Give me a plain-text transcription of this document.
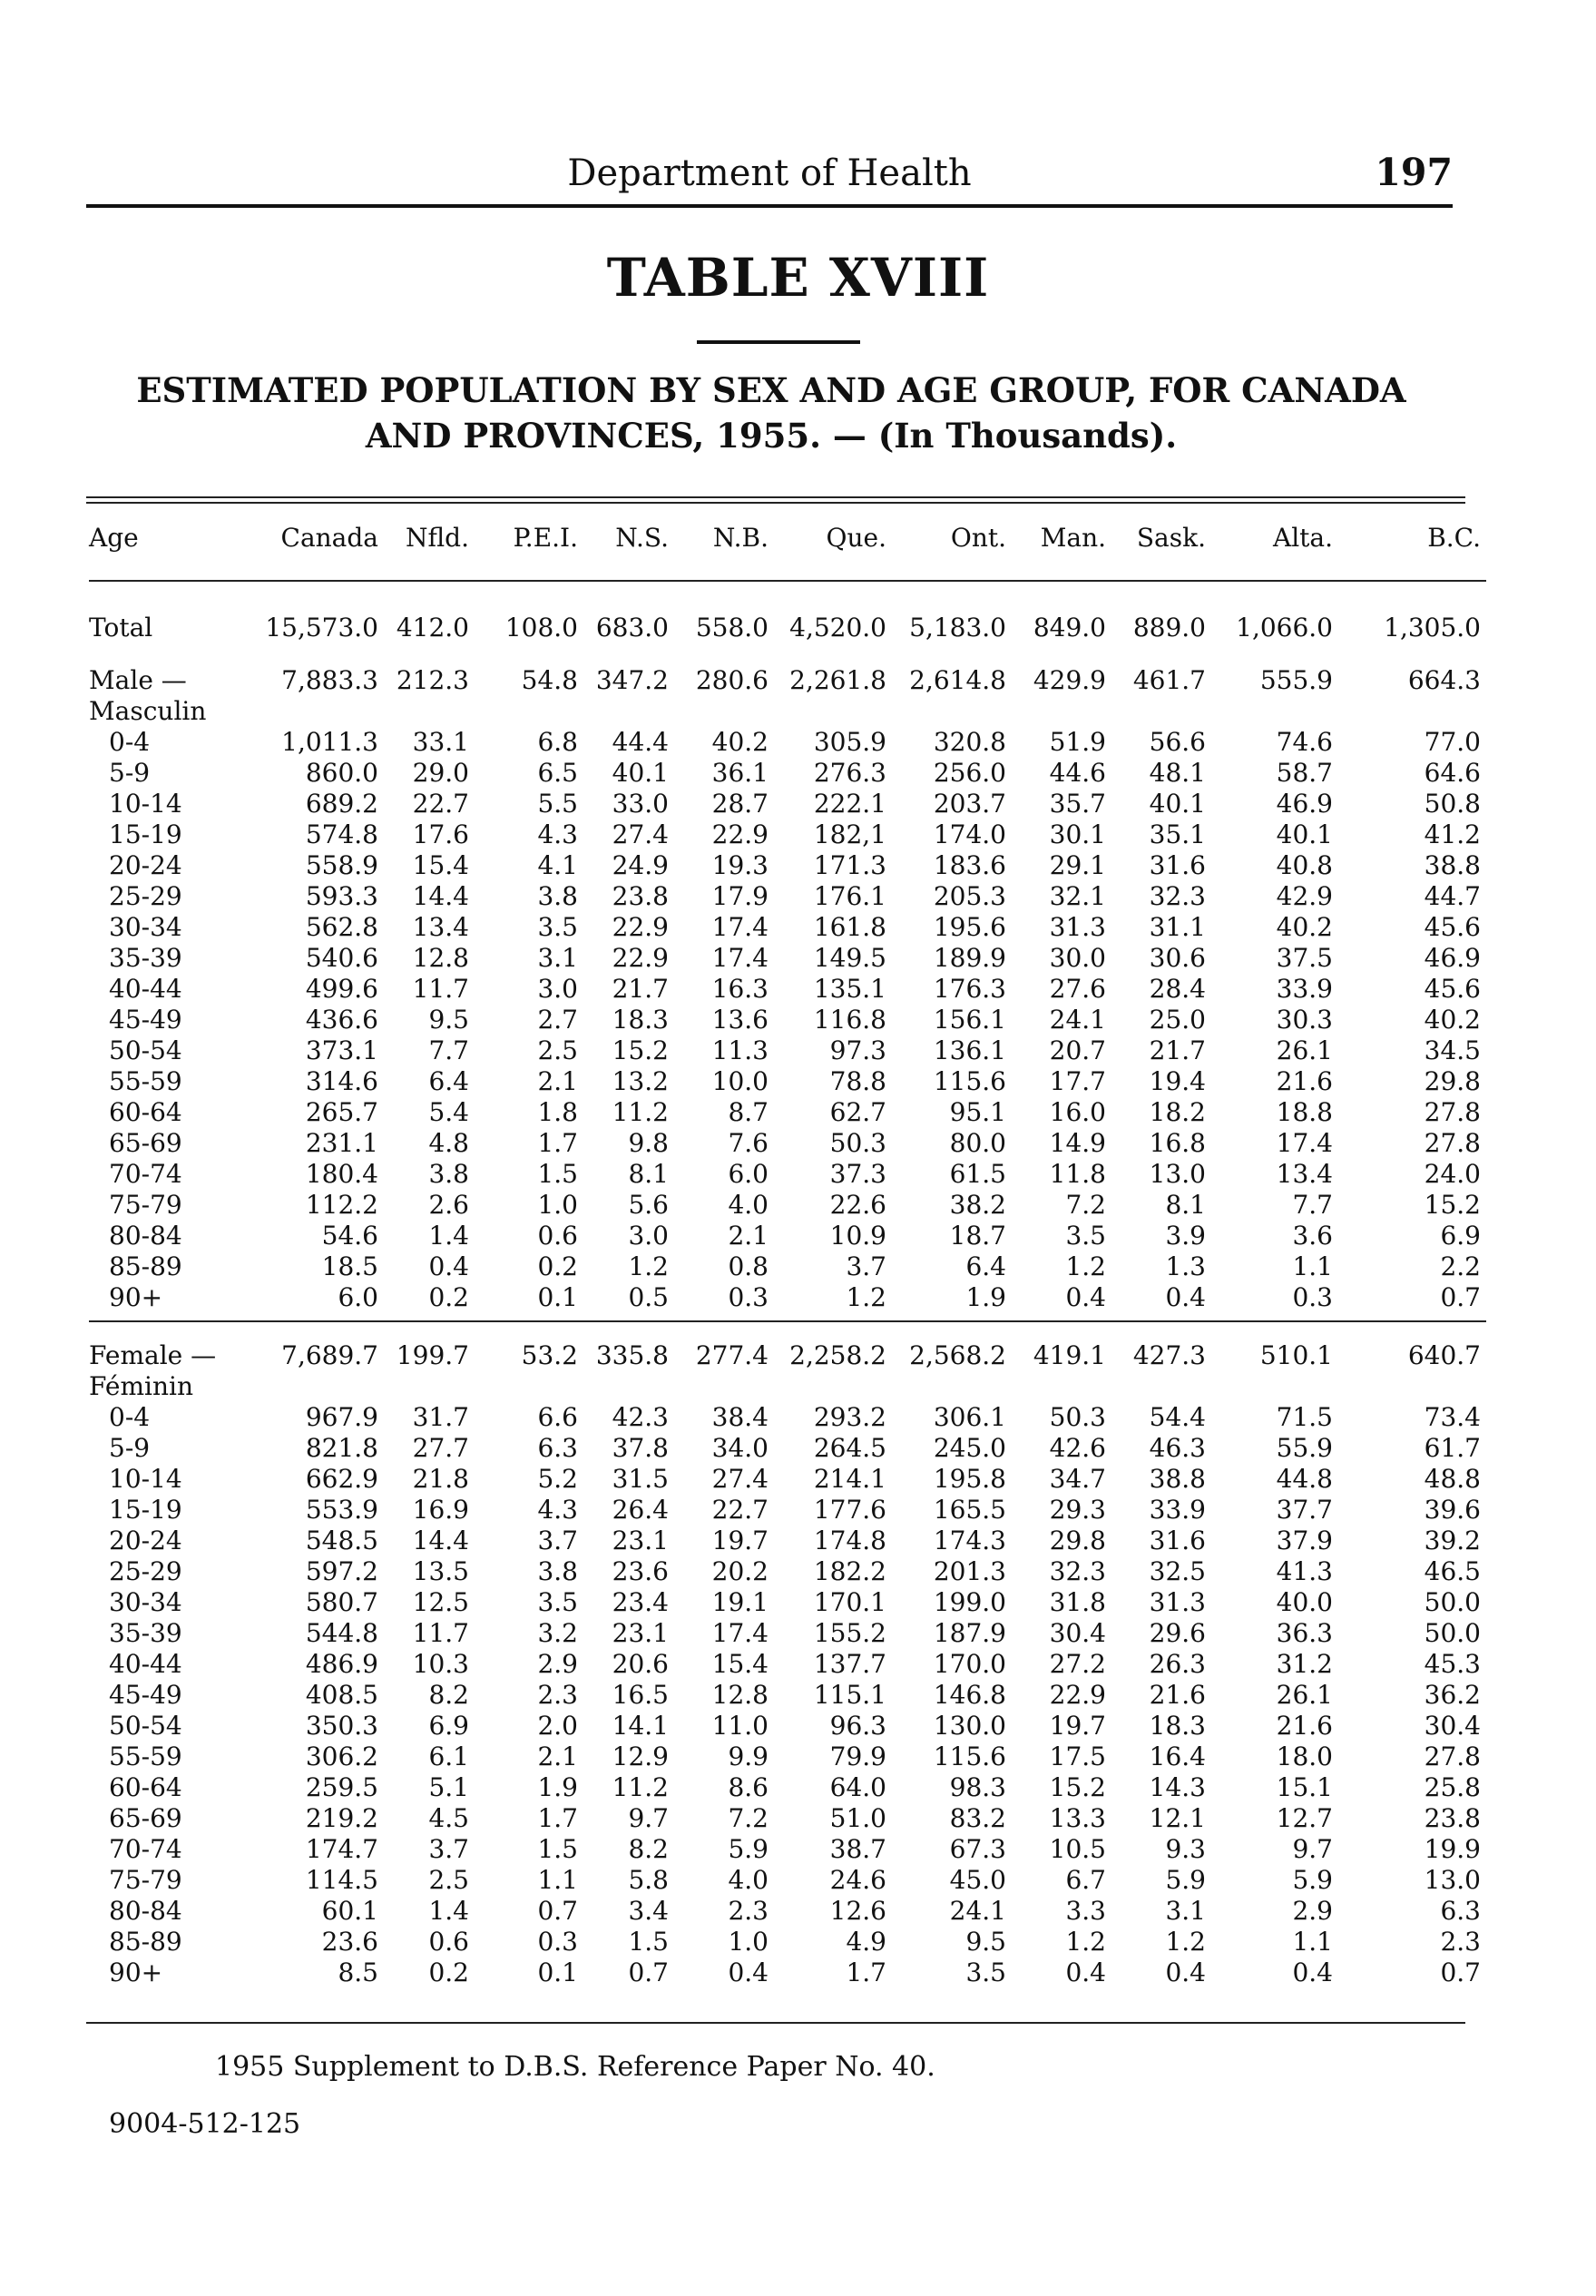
Department of Health	197
TABLE XVIII
ESTIMATED POPULATION BY SEX AND AGE GROUP, FOR CANADA
AND PROVINCES, 1955. — (In Thousands).
Age	Canada	Nfld.	P.E.I.	N.S.	N.B.	Que.	Ont.	Man.	Sask.	Alta.	B.C.
Total	15,573.0	412.0	108.0	683.0	558.0	4,520.0	5,183.0	849.0	889.0	1,066.0	1,305.0

Male —
Masculin	7,883.3	212.3	54.8	347.2	280.6	2,261.8	2,614.8	429.9	461.7	555.9	664.3
0-4	1,011.3	33.1	6.8	44.4	40.2	305.9	320.8	51.9	56.6	74.6	77.0
5-9	860.0	29.0	6.5	40.1	36.1	276.3	256.0	44.6	48.1	58.7	64.6
10-14	689.2	22.7	5.5	33.0	28.7	222.1	203.7	35.7	40.1	46.9	50.8
15-19	574.8	17.6	4.3	27.4	22.9	182,1	174.0	30.1	35.1	40.1	41.2
20-24	558.9	15.4	4.1	24.9	19.3	171.3	183.6	29.1	31.6	40.8	38.8
25-29	593.3	14.4	3.8	23.8	17.9	176.1	205.3	32.1	32.3	42.9	44.7
30-34	562.8	13.4	3.5	22.9	17.4	161.8	195.6	31.3	31.1	40.2	45.6
35-39	540.6	12.8	3.1	22.9	17.4	149.5	189.9	30.0	30.6	37.5	46.9
40-44	499.6	11.7	3.0	21.7	16.3	135.1	176.3	27.6	28.4	33.9	45.6
45-49	436.6	9.5	2.7	18.3	13.6	116.8	156.1	24.1	25.0	30.3	40.2
50-54	373.1	7.7	2.5	15.2	11.3	97.3	136.1	20.7	21.7	26.1	34.5
55-59	314.6	6.4	2.1	13.2	10.0	78.8	115.6	17.7	19.4	21.6	29.8
60-64	265.7	5.4	1.8	11.2	8.7	62.7	95.1	16.0	18.2	18.8	27.8
65-69	231.1	4.8	1.7	9.8	7.6	50.3	80.0	14.9	16.8	17.4	27.8
70-74	180.4	3.8	1.5	8.1	6.0	37.3	61.5	11.8	13.0	13.4	24.0
75-79	112.2	2.6	1.0	5.6	4.0	22.6	38.2	7.2	8.1	7.7	15.2
80-84	54.6	1.4	0.6	3.0	2.1	10.9	18.7	3.5	3.9	3.6	6.9
85-89	18.5	0.4	0.2	1.2	0.8	3.7	6.4	1.2	1.3	1.1	2.2
90+	6.0	0.2	0.1	0.5	0.3	1.2	1.9	0.4	0.4	0.3	0.7

Female —
Féminin	7,689.7	199.7	53.2	335.8	277.4	2,258.2	2,568.2	419.1	427.3	510.1	640.7
0-4	967.9	31.7	6.6	42.3	38.4	293.2	306.1	50.3	54.4	71.5	73.4
5-9	821.8	27.7	6.3	37.8	34.0	264.5	245.0	42.6	46.3	55.9	61.7
10-14	662.9	21.8	5.2	31.5	27.4	214.1	195.8	34.7	38.8	44.8	48.8
15-19	553.9	16.9	4.3	26.4	22.7	177.6	165.5	29.3	33.9	37.7	39.6
20-24	548.5	14.4	3.7	23.1	19.7	174.8	174.3	29.8	31.6	37.9	39.2
25-29	597.2	13.5	3.8	23.6	20.2	182.2	201.3	32.3	32.5	41.3	46.5
30-34	580.7	12.5	3.5	23.4	19.1	170.1	199.0	31.8	31.3	40.0	50.0
35-39	544.8	11.7	3.2	23.1	17.4	155.2	187.9	30.4	29.6	36.3	50.0
40-44	486.9	10.3	2.9	20.6	15.4	137.7	170.0	27.2	26.3	31.2	45.3
45-49	408.5	8.2	2.3	16.5	12.8	115.1	146.8	22.9	21.6	26.1	36.2
50-54	350.3	6.9	2.0	14.1	11.0	96.3	130.0	19.7	18.3	21.6	30.4
55-59	306.2	6.1	2.1	12.9	9.9	79.9	115.6	17.5	16.4	18.0	27.8
60-64	259.5	5.1	1.9	11.2	8.6	64.0	98.3	15.2	14.3	15.1	25.8
65-69	219.2	4.5	1.7	9.7	7.2	51.0	83.2	13.3	12.1	12.7	23.8
70-74	174.7	3.7	1.5	8.2	5.9	38.7	67.3	10.5	9.3	9.7	19.9
75-79	114.5	2.5	1.1	5.8	4.0	24.6	45.0	6.7	5.9	5.9	13.0
80-84	60.1	1.4	0.7	3.4	2.3	12.6	24.1	3.3	3.1	2.9	6.3
85-89	23.6	0.6	0.3	1.5	1.0	4.9	9.5	1.2	1.2	1.1	2.3
90+	8.5	0.2	0.1	0.7	0.4	1.7	3.5	0.4	0.4	0.4	0.7
1955 Supplement to D.B.S. Reference Paper No. 40.
9004-512-125
